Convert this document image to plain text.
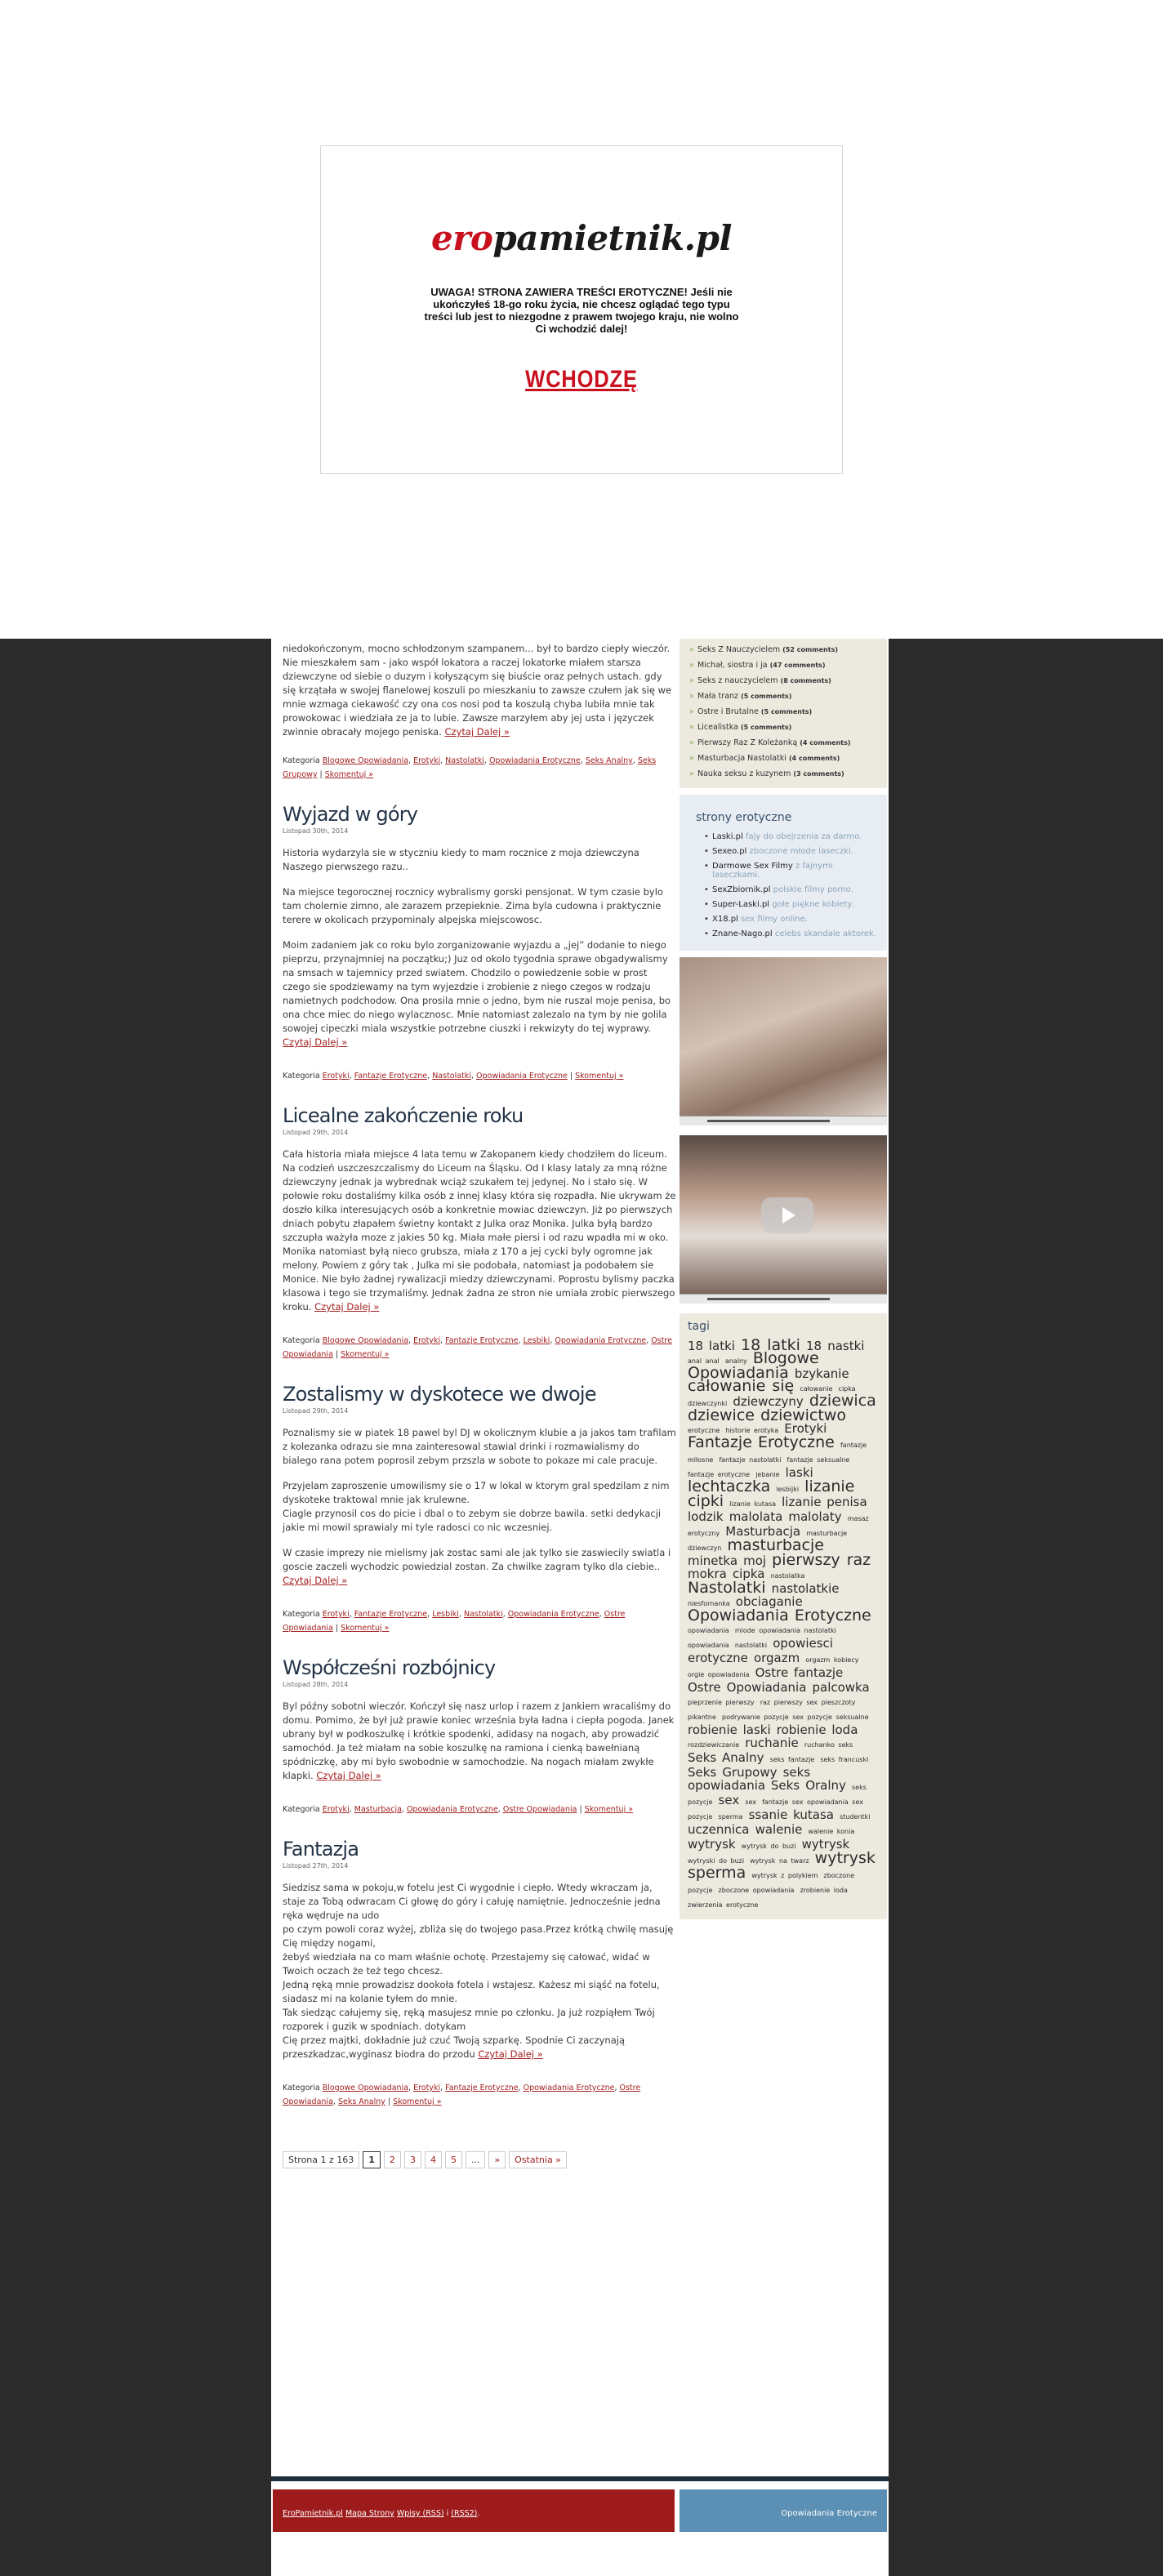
eropamietnik.pl
UWAGA! STRONA ZAWIERA TREŚCI EROTYCZNE! Jeśli nie ukończyłeś 18-go roku życia, nie chcesz oglądać tego typu treści lub jest to niezgodne z prawem twojego kraju, nie wolno Ci wchodzić dalej!
WCHODZĘ
niedokończonym, mocno schłodzonym szampanem... był to bardzo ciepły wieczór. Nie mieszkałem sam - jako współ lokatora a raczej lokatorke miałem starsza dziewczyne od siebie o duzym i kołyszącym się biuście oraz pełnych ustach. gdy się krzątała w swojej flanelowej koszuli po mieszkaniu to zawsze czułem jak się we mnie wzmaga ciekawość czy ona cos nosi pod ta koszulą chyba lubiła mnie tak prowokowac i wiedziała ze ja to lubie. Zawsze marzyłem aby jej usta i języczek zwinnie obracały mojego peniska. Czytaj Dalej »
Kategoria Blogowe Opowiadania, Erotyki, Nastolatki, Opowiadania Erotyczne, Seks Analny, Seks Grupowy | Skomentuj »
Wyjazd w góry
Listopad 30th, 2014

Historia wydarzyla sie w styczniu kiedy to mam rocznice z moja dziewczyna Naszego pierwszego razu..

Na miejsce tegorocznej rocznicy wybralismy gorski pensjonat. W tym czasie bylo tam cholernie zimno, ale zarazem przepieknie. Zima byla cudowna i praktycznie terere w okolicach przypominaly alpejska miejscowosc.

Moim zadaniem jak co roku bylo zorganizowanie wyjazdu a „jej” dodanie to niego pieprzu, przynajmniej na początku;) Juz od okolo tygodnia sprawe obgadywalismy na smsach w tajemnicy przed swiatem. Chodzilo o powiedzenie sobie w prost czego sie spodziewamy na tym wyjezdzie i zrobienie z niego czegos w rodzaju namietnych podchodow. Ona prosila mnie o jedno, bym nie ruszal moje penisa, bo ona chce miec do niego wylacznosc. Mnie natomiast zalezalo na tym by nie golila sowojej cipeczki miala wszystkie potrzebne ciuszki i rekwizyty do tej wyprawy. Czytaj Dalej »

Kategoria Erotyki, Fantazje Erotyczne, Nastolatki, Opowiadania Erotyczne | Skomentuj »
Licealne zakończenie roku
Listopad 29th, 2014

Cała historia miała miejsce 4 lata temu w Zakopanem kiedy chodziłem do liceum. Na codzień uszczeszczalismy do Liceum na Śląsku. Od I klasy lataly za mną różne dziewczyny jednak ja wybrednak wciąż szukałem tej jedynej. No i stało się. W połowie roku dostaliśmy kilka osób z innej klasy która się rozpadła. Nie ukrywam że doszło kilka interesujących osób a konkretnie mowiac dziewczyn. Jiż po pierwszych dniach pobytu złapałem świetny kontakt z Julka oraz Monika. Julka byłą bardzo szczupła ważyła moze z jakies 50 kg. Miała małe piersi i od razu wpadła mi w oko. Monika natomiast byłą nieco grubsza, miała z 170 a jej cycki byly ogromne jak melony. Powiem z góry tak , Julka mi sie podobała, natomiast ja podobałem sie Monice. Nie było żadnej rywalizacji miedzy dziewczynami. Poprostu bylismy paczka klasowa i tego sie trzymaliśmy. Jednak żadna ze stron nie umiała zrobic pierwszego kroku. Czytaj Dalej »

Kategoria Blogowe Opowiadania, Erotyki, Fantazje Erotyczne, Lesbiki, Opowiadania Erotyczne, Ostre Opowiadania | Skomentuj »
Zostalismy w dyskotece we dwoje
Listopad 29th, 2014

Poznalismy sie w piatek 18 pawel byl DJ w okolicznym klubie a ja jakos tam trafilam z kolezanka odrazu sie mna zainteresowal stawial drinki i rozmawialismy do bialego rana potem poprosil zebym przszla w sobote to pokaze mi cale pracuje.

Przyjelam zaproszenie umowilismy sie o 17 w lokal w ktorym gral spedzilam z nim dyskoteke traktowal mnie jak krulewne.
Ciagle przynosil cos do picie i dbal o to zebym sie dobrze bawila. setki dedykacji jakie mi mowil sprawialy mi tyle radosci co nic wczesniej.

W czasie imprezy nie mielismy jak zostac sami ale jak tylko sie zaswiecily swiatla i goscie zaczeli wychodzic powiedzial zostan. Za chwilke zagram tylko dla ciebie.. Czytaj Dalej »

Kategoria Erotyki, Fantazje Erotyczne, Lesbiki, Nastolatki, Opowiadania Erotyczne, Ostre Opowiadania | Skomentuj »
Współcześni rozbójnicy
Listopad 28th, 2014

Byl późny sobotni wieczór. Kończył się nasz urlop i razem z Jankiem wracaliśmy do domu. Pomimo, że był już prawie koniec września była ładna i ciepła pogoda. Janek ubrany był w podkoszulkę i krótkie spodenki, adidasy na nogach, aby prowadzić samochód. Ja też miałam na sobie koszulkę na ramiona i cienką bawełnianą spódniczkę, aby mi było swobodnie w samochodzie. Na nogach miałam zwykłe klapki. Czytaj Dalej »

Kategoria Erotyki, Masturbacja, Opowiadania Erotyczne, Ostre Opowiadania | Skomentuj »
Fantazja
Listopad 27th, 2014

Siedzisz sama w pokoju,w fotelu jest Ci wygodnie i ciepło. Wtedy wkraczam ja,
staje za Tobą odwracam Ci głowę do góry i całuję namiętnie. Jednocześnie jedna ręka wędruje na udo
po czym powoli coraz wyżej, zbliża się do twojego pasa.Przez krótką chwilę masuję Cię między nogami,
żebyś wiedziała na co mam właśnie ochotę. Przestajemy się całować, widać w Twoich oczach że też tego chcesz.
Jedną ręką mnie prowadzisz dookoła fotela i wstajesz. Każesz mi siąść na fotelu, siadasz mi na kolanie tyłem do mnie.
Tak siedząc całujemy się, ręką masujesz mnie po członku. Ja już rozpiąłem Twój rozporek i guzik w spodniach. dotykam
Cię przez majtki, dokładnie już czuć Twoją szparkę. Spodnie Ci zaczynają przeszkadzac,wyginasz biodra do przodu Czytaj Dalej »

Kategoria Blogowe Opowiadania, Erotyki, Fantazje Erotyczne, Opowiadania Erotyczne, Ostre Opowiadania, Seks Analny | Skomentuj »
Strona 1 z 163	1	2	3	4	5	...	»	Ostatnia »
» Seks Z Nauczycielem (52 comments)
» Michał, siostra i ja (47 comments)
» Seks z nauczycielem (8 comments)
» Mała tranz (5 comments)
» Ostre i Brutalne (5 comments)
» Licealistka (5 comments)
» Pierwszy Raz Z Koleżanką (4 comments)
» Masturbacja Nastolatki (4 comments)
» Nauka seksu z kuzynem (3 comments)
strony erotyczne
• Laski.pl fajy do obejrzenia za darmo.
• Sexeo.pl zboczone młode laseczki.
• Darmowe Sex Filmy z fajnymi laseczkami.
• SexZbiornik.pl polskie filmy porno.
• Super-Laski.pl gołe piękne kobiety.
• X18.pl sex filmy online.
• Znane-Nago.pl celebs skandale aktorek.
tagi
18 latki 18 latki 18 nastki anal anal analny Blogowe Opowiadania bzykanie całowanie się całowanie cipka dziewczynki dziewczyny dziewica dziewice dziewictwo erotyczne historie erotyka Erotyki Fantazje Erotyczne fantazje miłosne fantazje nastolatki fantazje seksualne fantazje erotyczne jebanie laski lechtaczka lesbijki lizanie cipki lizanie kutasa lizanie penisa lodzik malolata malolaty masaz erotyczny Masturbacja masturbacje dziewczyn masturbacje minetka moj pierwszy raz mokra cipka nastolatka Nastolatki nastolatkie niesfornanka obciaganie Opowiadania Erotyczne opowiadania mlode opowiadania nastolatki opowiadania nastolatki opowiesci erotyczne orgazm orgazm kobiecy orgie opowiadania Ostre fantazje Ostre Opowiadania palcowka pieprzenie pierwszy raz pierwszy sex pieszczoty pikantne podrywanie pozycje sex pozycje seksualne robienie laski robienie loda rozdziewiczanie ruchanie ruchanko seks Seks Analny seks fantazje seks francuski Seks Grupowy seks opowiadania Seks Oralny seks pozycje sex sex fantazje sex opowiadania sex pozycje sperma ssanie kutasa studentki uczennica walenie walenie konia wytrysk wytrysk do buzi wytrysk wytryski do buzi wytrysk na twarz wytrysk sperma wytrysk z polykiem zboczone pozycje zboczone opowiadania zrobienie loda zwierzenia erotyczne
EroPamietnik.pl Mapa Strony Wpisy (RSS) i (RSS2).	Opowiadania Erotyczne
